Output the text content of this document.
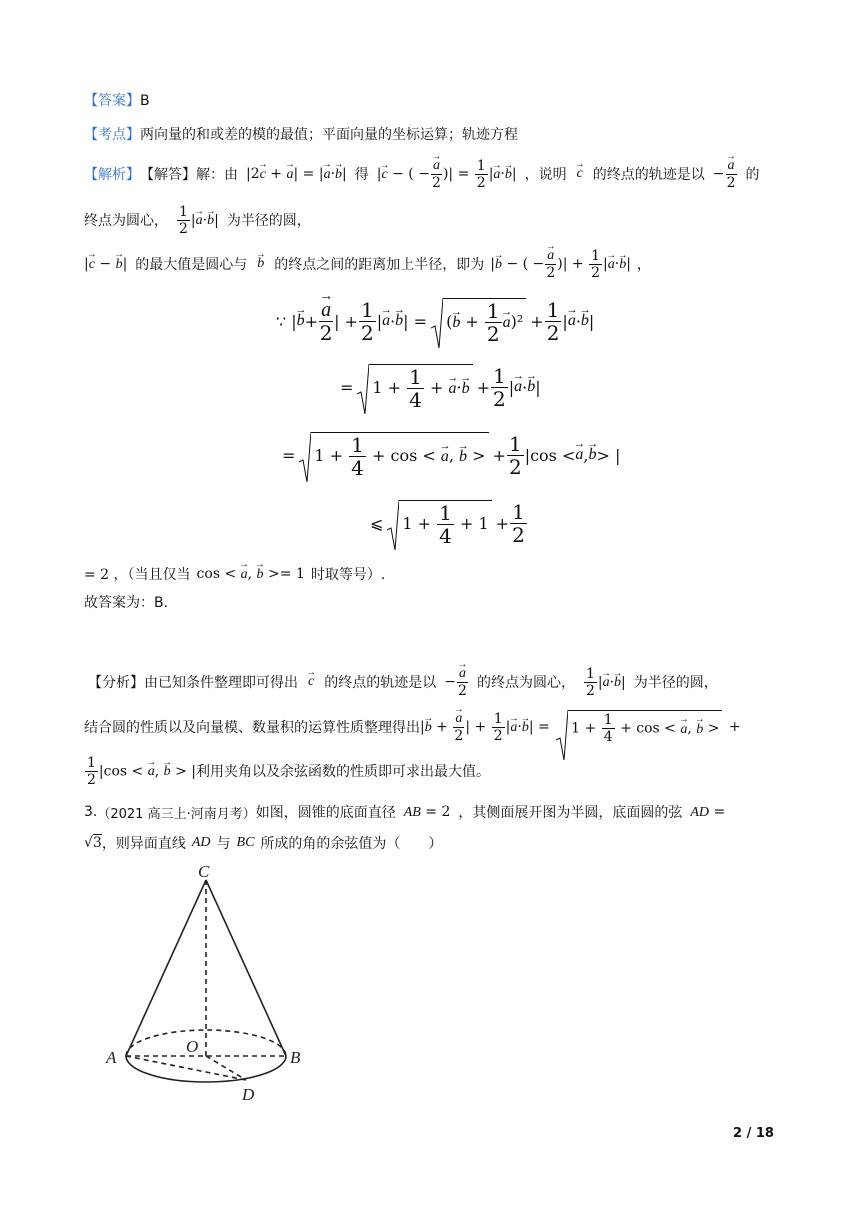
【答案】B
【考点】两向量的和或差的模的最值；平面向量的坐标运算；轨迹方程
【解析】 【解答】解：由 |2→ c + → a| = |→ a·→ b| 得 |→ c − ( −
→ $\frac{a}{2}$ )| = $\frac{1}{2}$ |→ a·→ b| ，说明
→ c 的终点的轨迹是以 −
→ $\frac{a}{2}$ 的
终点为圆心， $\frac{1}{2}$ |→ a·→ b| 为半径的圆，
|→ c − → b| 的最大值是圆心与
→ b 的终点之间的距离加上半径，即为 |→ b − ( −
→ $\frac{a}{2}$ )| + $\frac{1}{2}$ |→ a·→ b| ，
∵ |
→ b +
→ $\frac{a}{2}$ | + $\frac{1}{2}$ |
→ a ·
→ b | =	(→ $b + \frac{1}{2}$
→ $a)^2 + \frac{1}{2}$ |
→ a ·
→ b |
=	$1 + \frac{1}{4}$ + → $a\cdot\to b + \frac{1}{2}$ |
→ a ·
→ b |
=	$1 + \frac{1}{4} + \cos$ < → a, → b > + $\frac{1}{2} |\cos$ <
→ a ,
→ b > |
⩽	$1 + \frac{1}{4} + 1 + \frac{1}{2}$
= 2 ，（当且仅当 cos < → a, → b >= 1 时取等号）.
故答案为：B.
【分析】 由已知条件整理即可得出
→ c 的终点的轨迹是以 −
→ $\frac{a}{2}$ 的终点为圆心， $\frac{1}{2}$ |→ a·→ b| 为半径的圆，
结合圆的性质以及向量模、数量积的运算性质整理得出 |→ b +
→ $\frac{a}{2}$ | + $\frac{1}{2}$ |→ a·→ b| =
$1 + \frac{1}{4} + \cos$ < → a, → b > +
$\frac{1}{2} |\cos$ < → a, → b > | 利用夹角以及余弦函数的性质即可求出最大值。
3. （2021 高三上·河南月考） 如图，圆锥的底面直径 AB = 2 ，其侧面展开图为半圆，底面圆的弦 AD =
√3 ，则异面直线 AD 与 BC 所成的角的余弦值为（　　）
C
O
A	B
D
2 / 18
